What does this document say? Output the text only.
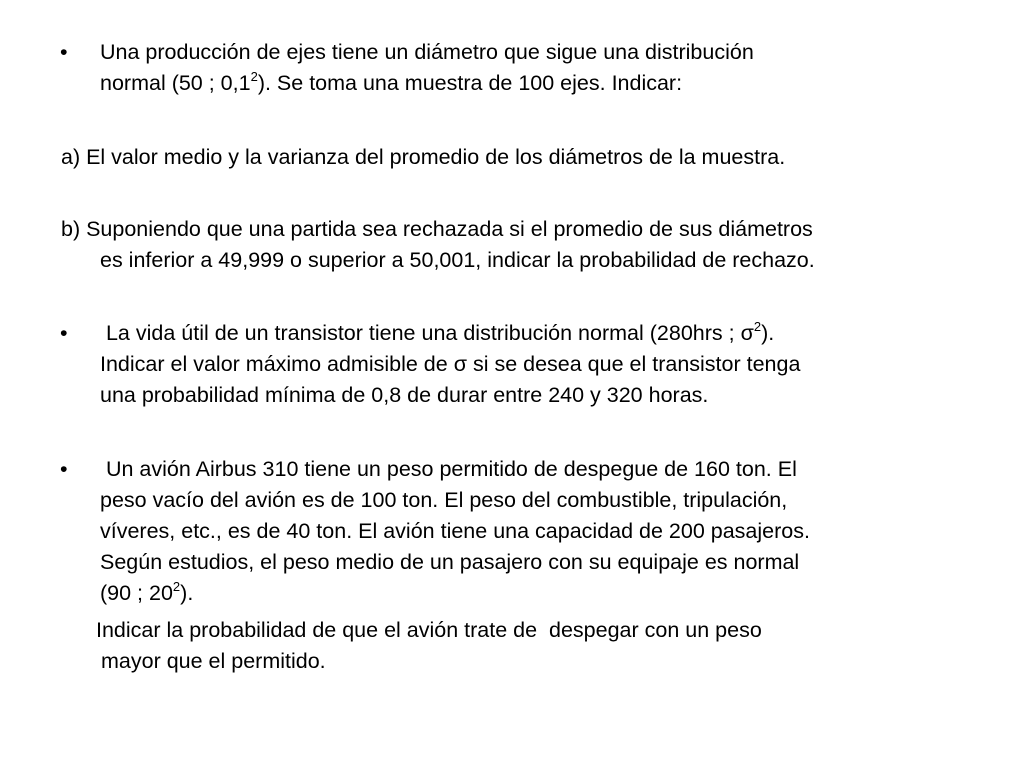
• Una producción de ejes tiene un diámetro que sigue una distribución
normal (50 ; $0,1^2$). Se toma una muestra de 100 ejes. Indicar:
a) El valor medio y la varianza del promedio de los diámetros de la muestra.
b) Suponiendo que una partida sea rechazada si el promedio de sus diámetros
es inferior a 49,999 o superior a 50,001, indicar la probabilidad de rechazo.
• La vida útil de un transistor tiene una distribución normal (280hrs ; $\sigma^2$).
Indicar el valor máximo admisible de σ si se desea que el transistor tenga
una probabilidad mínima de 0,8 de durar entre 240 y 320 horas.
• Un avión Airbus 310 tiene un peso permitido de despegue de 160 ton. El
peso vacío del avión es de 100 ton. El peso del combustible, tripulación,
víveres, etc., es de 40 ton. El avión tiene una capacidad de 200 pasajeros.
Según estudios, el peso medio de un pasajero con su equipaje es normal
(90 ; $20^2$).
Indicar la probabilidad de que el avión trate de  despegar con un peso
mayor que el permitido.
